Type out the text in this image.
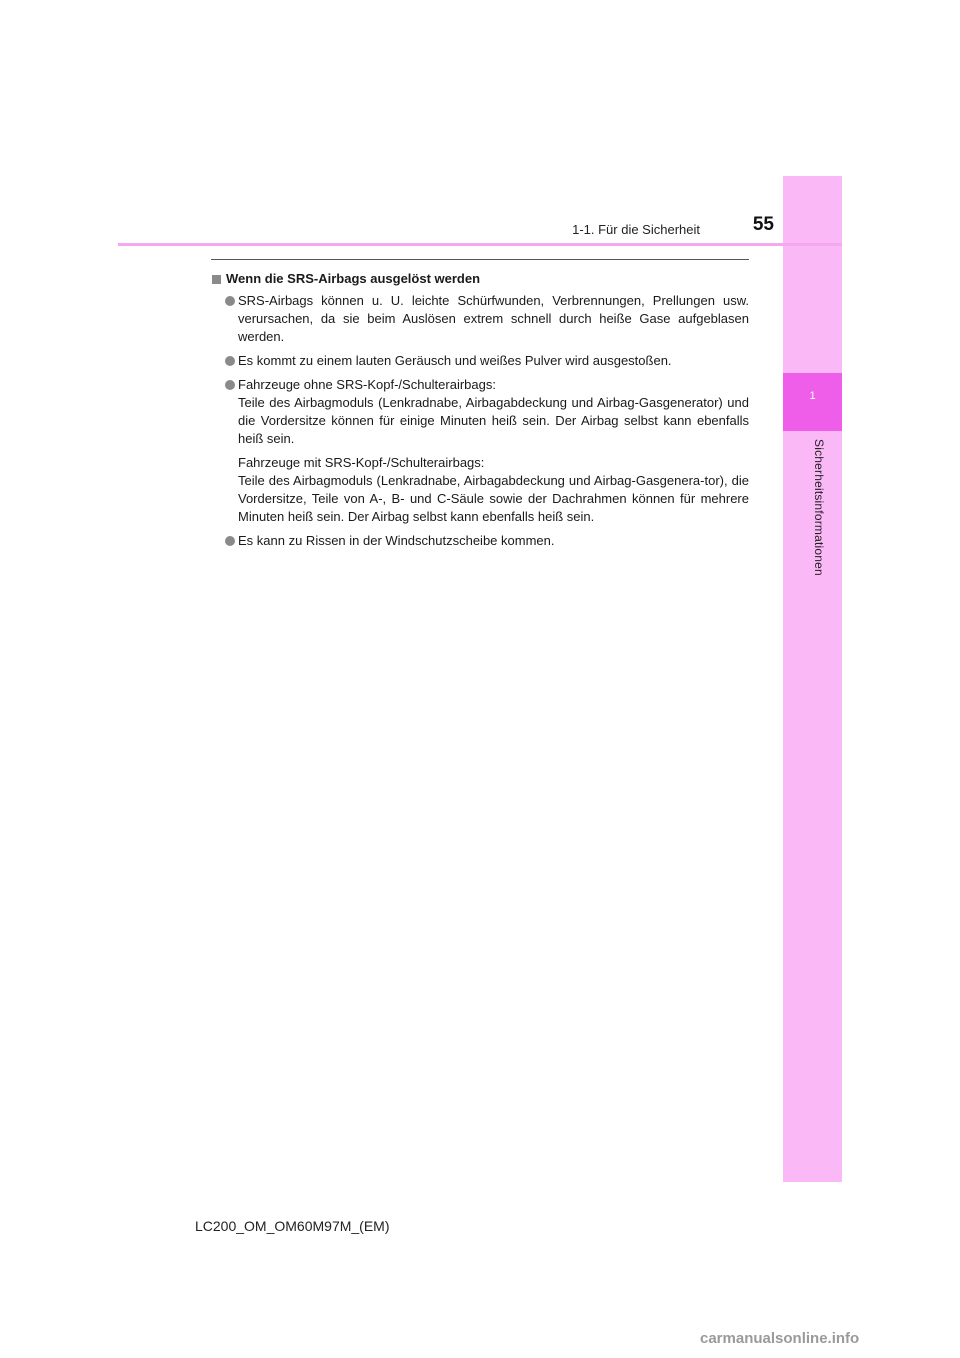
1
Sicherheitsinformationen
1-1. Für die Sicherheit	55
Wenn die SRS-Airbags ausgelöst werden

SRS-Airbags können u. U. leichte Schürfwunden, Verbrennungen, Prellungen usw. verursachen, da sie beim Auslösen extrem schnell durch heiße Gase aufgeblasen werden.

Es kommt zu einem lauten Geräusch und weißes Pulver wird ausgestoßen.

Fahrzeuge ohne SRS-Kopf-/Schulterairbags:
Teile des Airbagmoduls (Lenkradnabe, Airbagabdeckung und Airbag-Gasgenerator) und die Vordersitze können für einige Minuten heiß sein. Der Airbag selbst kann ebenfalls heiß sein.

Fahrzeuge mit SRS-Kopf-/Schulterairbags:
Teile des Airbagmoduls (Lenkradnabe, Airbagabdeckung und Airbag-Gasgenera-tor), die Vordersitze, Teile von A-, B- und C-Säule sowie der Dachrahmen können für mehrere Minuten heiß sein. Der Airbag selbst kann ebenfalls heiß sein.

Es kann zu Rissen in der Windschutzscheibe kommen.

LC200_OM_OM60M97M_(EM)
carmanualsonline.info
